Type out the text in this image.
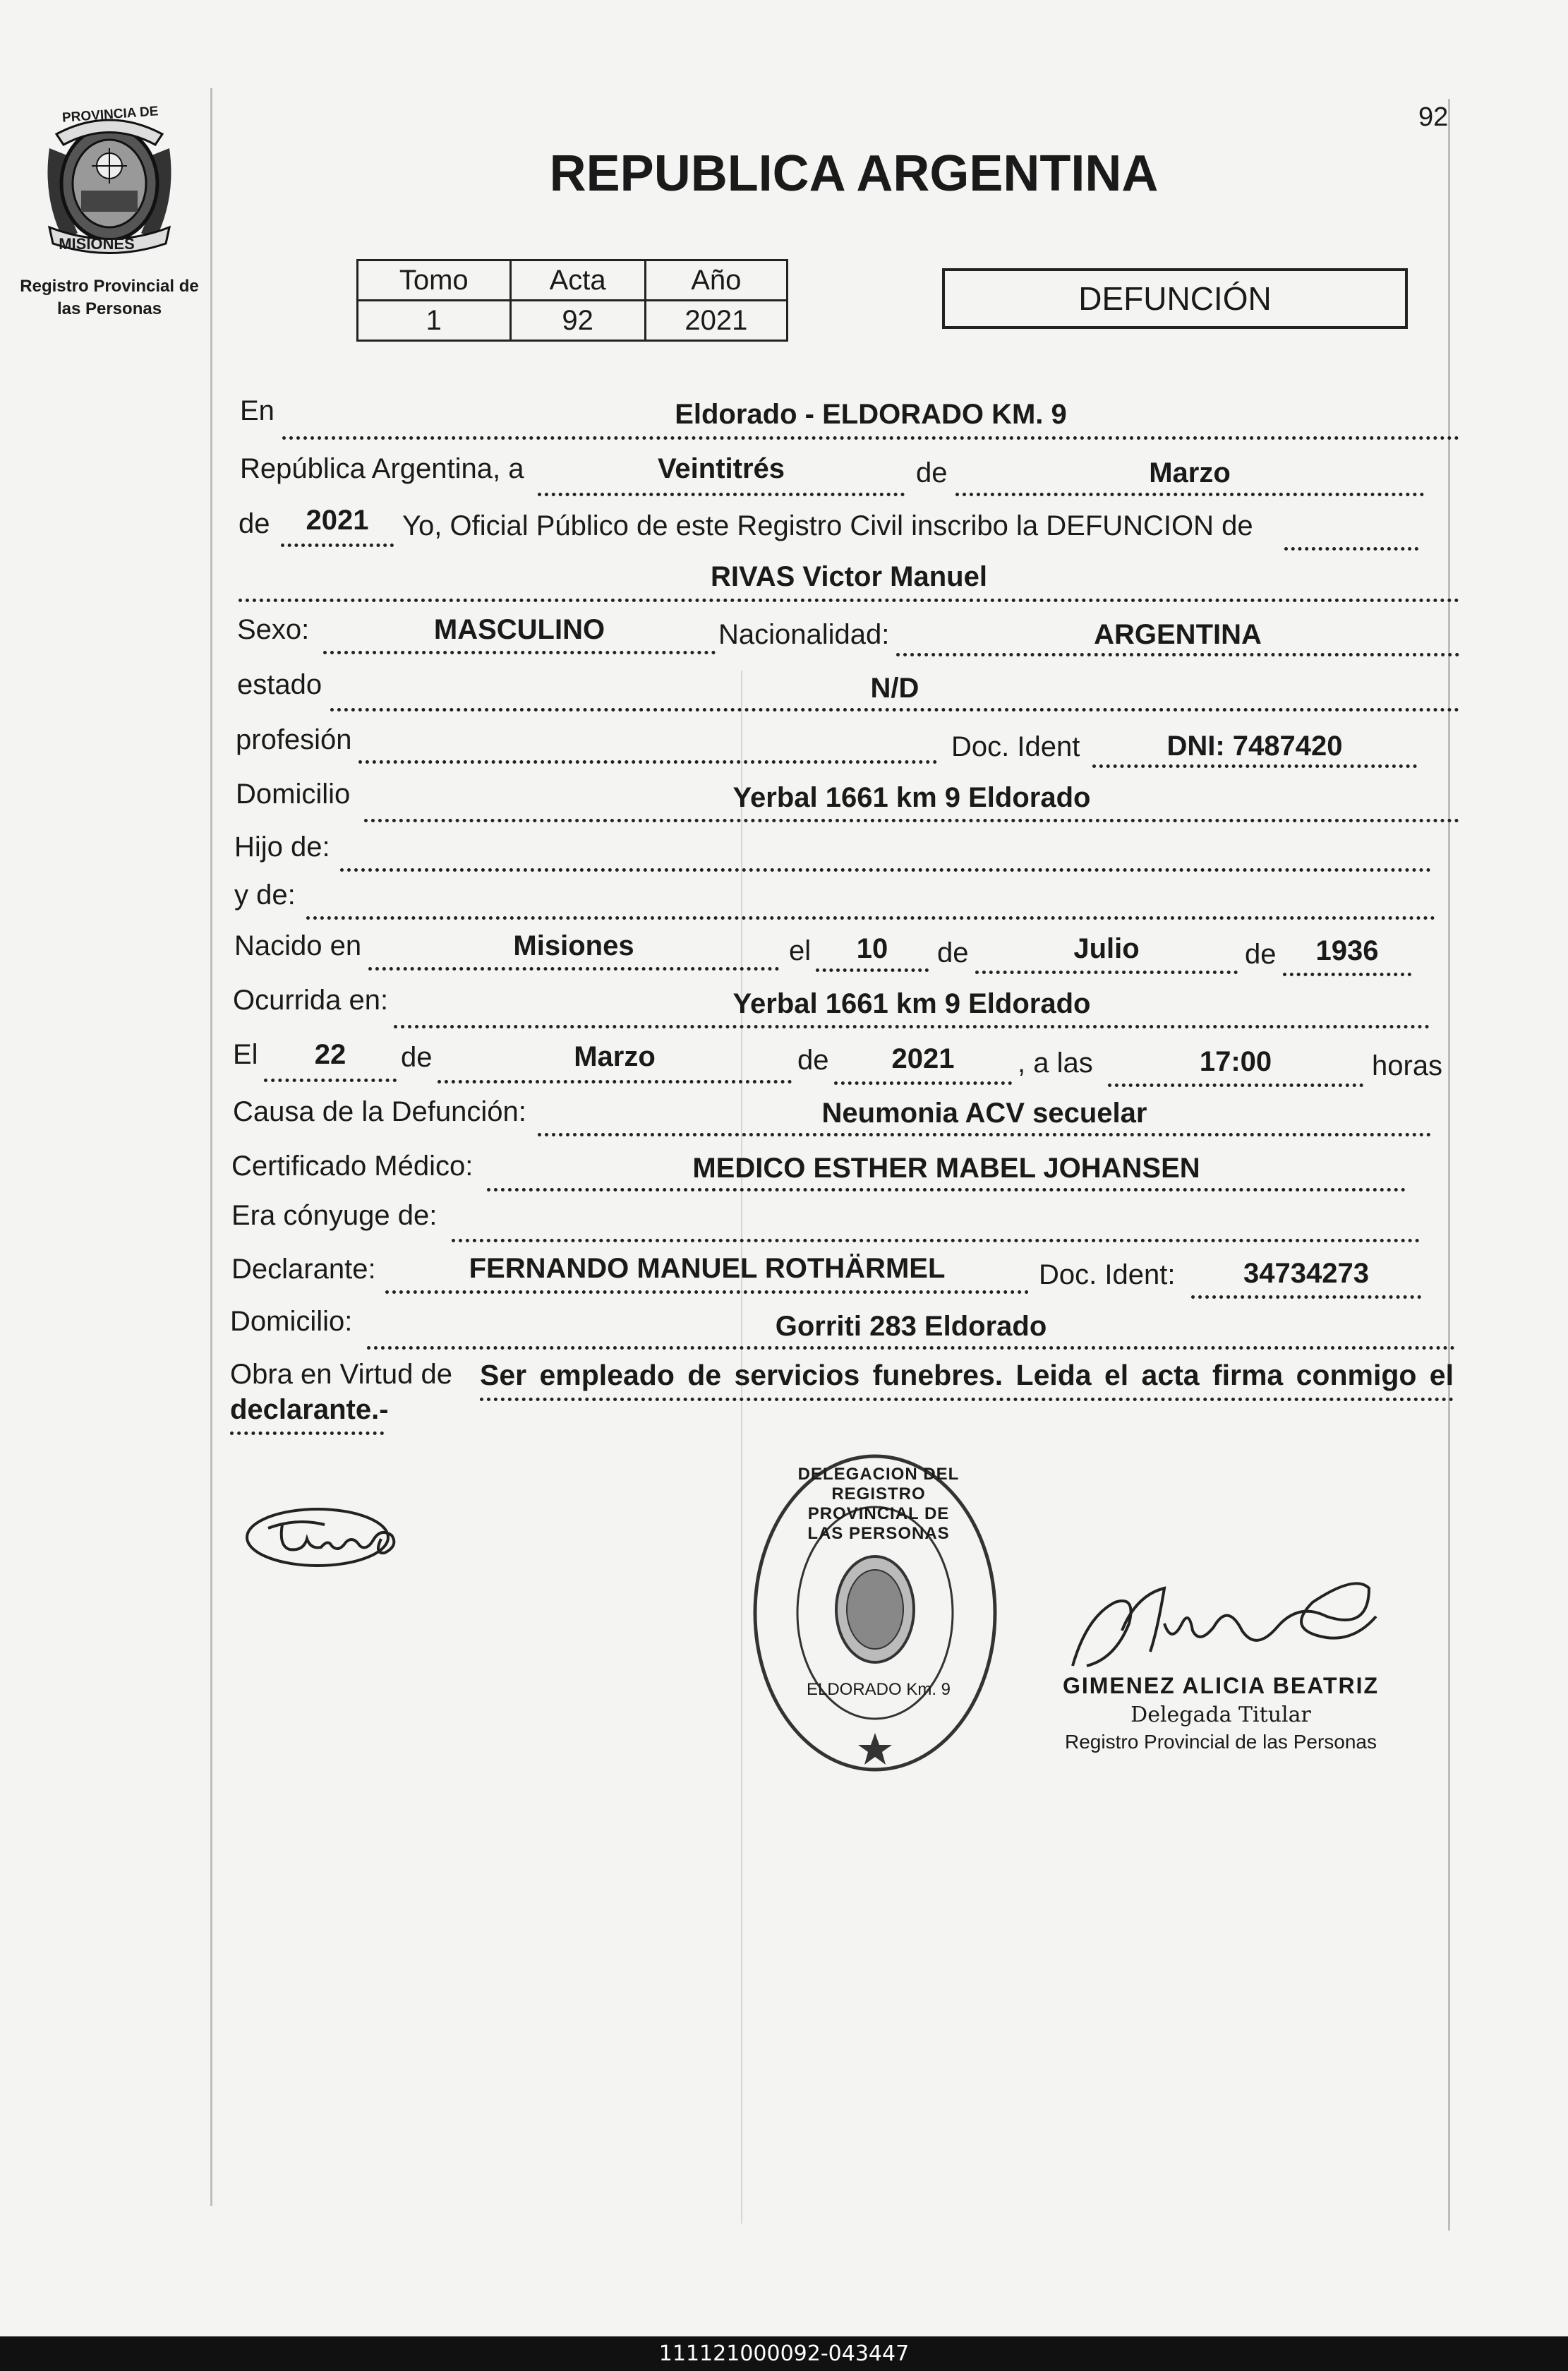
92
PROVINCIA DE
MISIONES
Registro Provincial de
las Personas
REPUBLICA ARGENTINA
Tomo	Acta	Año
1	92	2021
DEFUNCIÓN
En	Eldorado - ELDORADO KM. 9
República Argentina, a	Veintitrés	de	Marzo
de	2021	Yo, Oficial Público de este Registro Civil inscribo la DEFUNCION de
RIVAS Victor Manuel
Sexo:	MASCULINO	Nacionalidad:	ARGENTINA
estado	N/D
profesión	Doc. Ident	DNI: 7487420
Domicilio	Yerbal 1661 km 9 Eldorado
Hijo de:
y de:
Nacido en	Misiones	el	10	de	Julio	de	1936
Ocurrida en:	Yerbal 1661 km 9 Eldorado
El	22	de	Marzo	de	2021	, a las	17:00	horas
Causa de la Defunción:	Neumonia ACV secuelar
Certificado Médico:	MEDICO ESTHER MABEL JOHANSEN
Era cónyuge de:
Declarante:	FERNANDO MANUEL ROTHÄRMEL	Doc. Ident:	34734273
Domicilio:	Gorriti 283 Eldorado
Obra en Virtud de Ser empleado de servicios funebres. Leida el acta firma conmigo el
declarante.-
DELEGACION DEL REGISTRO PROVINCIAL DE LAS PERSONAS
ELDORADO Km. 9	GIMENEZ ALICIA BEATRIZ
Delegada Titular
Registro Provincial de las Personas
111121000092-043447
